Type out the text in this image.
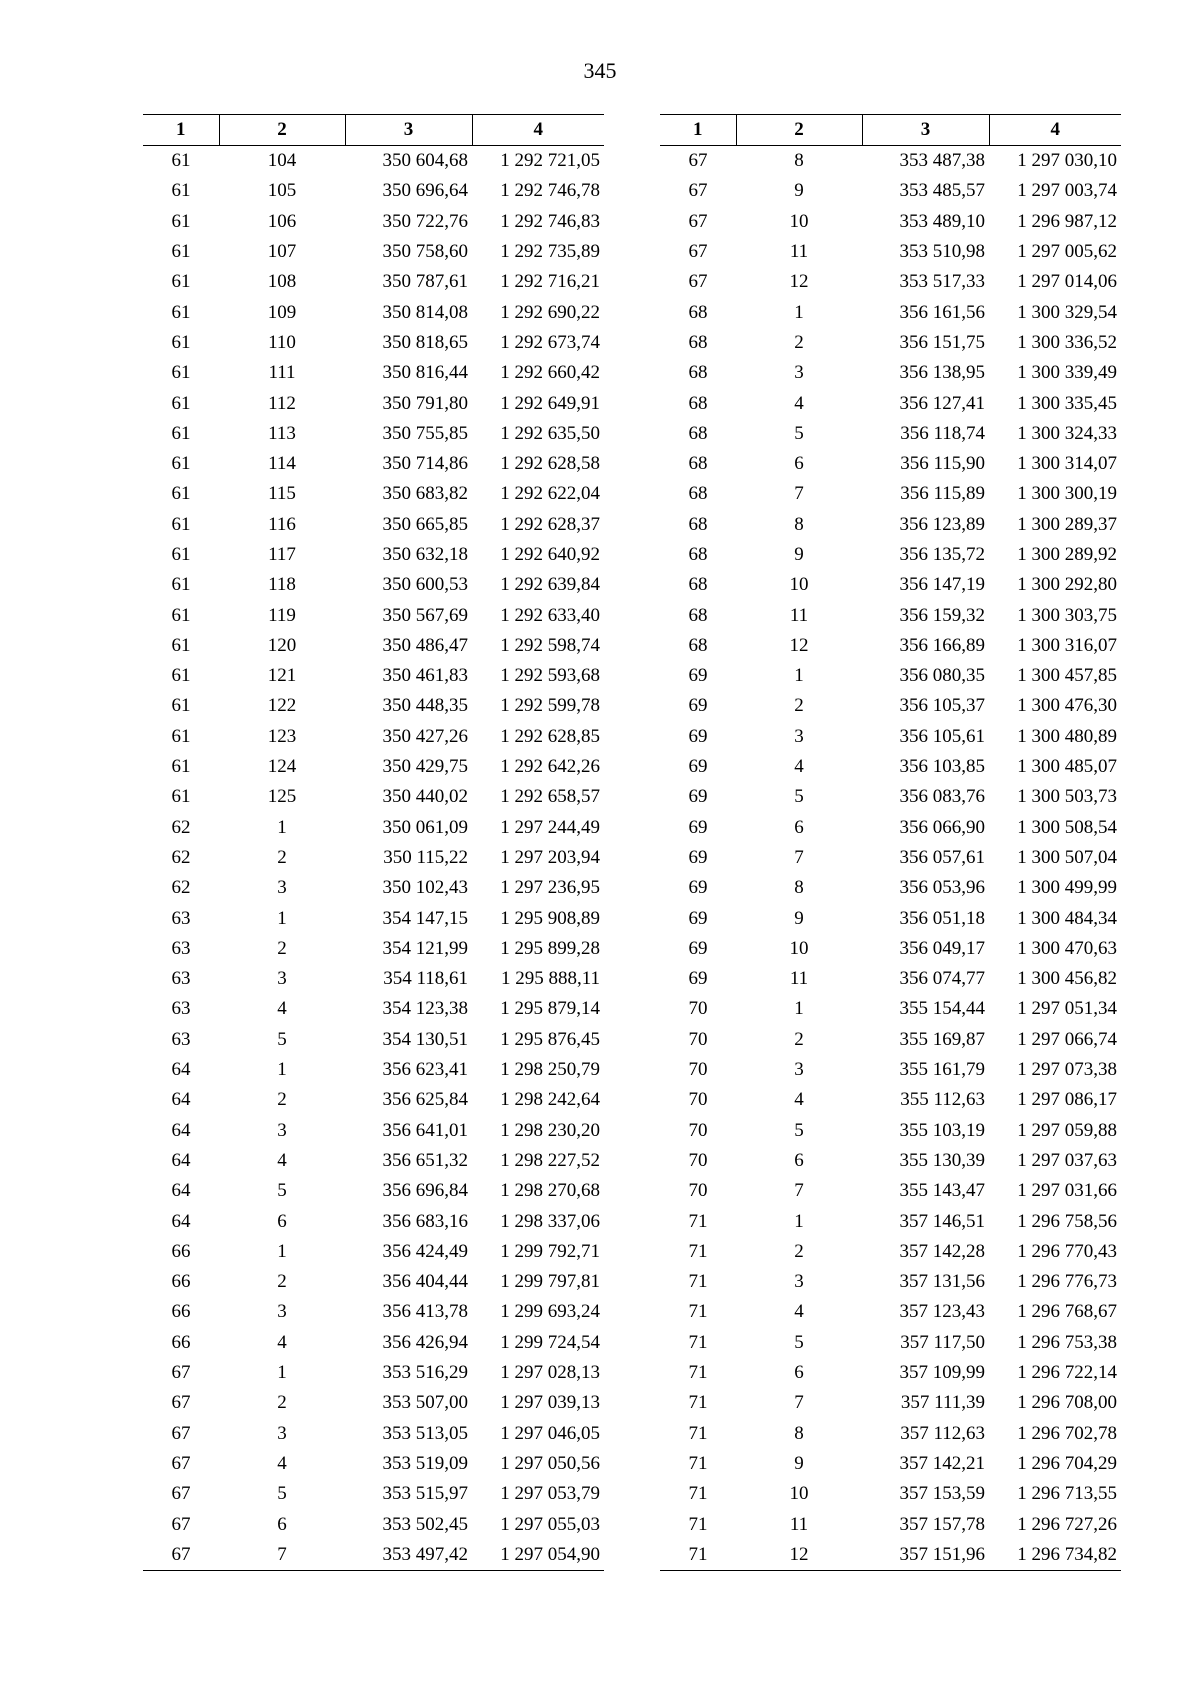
345
1	2	3	4
61	104	350 604,68	1 292 721,05
61	105	350 696,64	1 292 746,78
61	106	350 722,76	1 292 746,83
61	107	350 758,60	1 292 735,89
61	108	350 787,61	1 292 716,21
61	109	350 814,08	1 292 690,22
61	110	350 818,65	1 292 673,74
61	111	350 816,44	1 292 660,42
61	112	350 791,80	1 292 649,91
61	113	350 755,85	1 292 635,50
61	114	350 714,86	1 292 628,58
61	115	350 683,82	1 292 622,04
61	116	350 665,85	1 292 628,37
61	117	350 632,18	1 292 640,92
61	118	350 600,53	1 292 639,84
61	119	350 567,69	1 292 633,40
61	120	350 486,47	1 292 598,74
61	121	350 461,83	1 292 593,68
61	122	350 448,35	1 292 599,78
61	123	350 427,26	1 292 628,85
61	124	350 429,75	1 292 642,26
61	125	350 440,02	1 292 658,57
62	1	350 061,09	1 297 244,49
62	2	350 115,22	1 297 203,94
62	3	350 102,43	1 297 236,95
63	1	354 147,15	1 295 908,89
63	2	354 121,99	1 295 899,28
63	3	354 118,61	1 295 888,11
63	4	354 123,38	1 295 879,14
63	5	354 130,51	1 295 876,45
64	1	356 623,41	1 298 250,79
64	2	356 625,84	1 298 242,64
64	3	356 641,01	1 298 230,20
64	4	356 651,32	1 298 227,52
64	5	356 696,84	1 298 270,68
64	6	356 683,16	1 298 337,06
66	1	356 424,49	1 299 792,71
66	2	356 404,44	1 299 797,81
66	3	356 413,78	1 299 693,24
66	4	356 426,94	1 299 724,54
67	1	353 516,29	1 297 028,13
67	2	353 507,00	1 297 039,13
67	3	353 513,05	1 297 046,05
67	4	353 519,09	1 297 050,56
67	5	353 515,97	1 297 053,79
67	6	353 502,45	1 297 055,03
67	7	353 497,42	1 297 054,90
1	2	3	4
67	8	353 487,38	1 297 030,10
67	9	353 485,57	1 297 003,74
67	10	353 489,10	1 296 987,12
67	11	353 510,98	1 297 005,62
67	12	353 517,33	1 297 014,06
68	1	356 161,56	1 300 329,54
68	2	356 151,75	1 300 336,52
68	3	356 138,95	1 300 339,49
68	4	356 127,41	1 300 335,45
68	5	356 118,74	1 300 324,33
68	6	356 115,90	1 300 314,07
68	7	356 115,89	1 300 300,19
68	8	356 123,89	1 300 289,37
68	9	356 135,72	1 300 289,92
68	10	356 147,19	1 300 292,80
68	11	356 159,32	1 300 303,75
68	12	356 166,89	1 300 316,07
69	1	356 080,35	1 300 457,85
69	2	356 105,37	1 300 476,30
69	3	356 105,61	1 300 480,89
69	4	356 103,85	1 300 485,07
69	5	356 083,76	1 300 503,73
69	6	356 066,90	1 300 508,54
69	7	356 057,61	1 300 507,04
69	8	356 053,96	1 300 499,99
69	9	356 051,18	1 300 484,34
69	10	356 049,17	1 300 470,63
69	11	356 074,77	1 300 456,82
70	1	355 154,44	1 297 051,34
70	2	355 169,87	1 297 066,74
70	3	355 161,79	1 297 073,38
70	4	355 112,63	1 297 086,17
70	5	355 103,19	1 297 059,88
70	6	355 130,39	1 297 037,63
70	7	355 143,47	1 297 031,66
71	1	357 146,51	1 296 758,56
71	2	357 142,28	1 296 770,43
71	3	357 131,56	1 296 776,73
71	4	357 123,43	1 296 768,67
71	5	357 117,50	1 296 753,38
71	6	357 109,99	1 296 722,14
71	7	357 111,39	1 296 708,00
71	8	357 112,63	1 296 702,78
71	9	357 142,21	1 296 704,29
71	10	357 153,59	1 296 713,55
71	11	357 157,78	1 296 727,26
71	12	357 151,96	1 296 734,82
